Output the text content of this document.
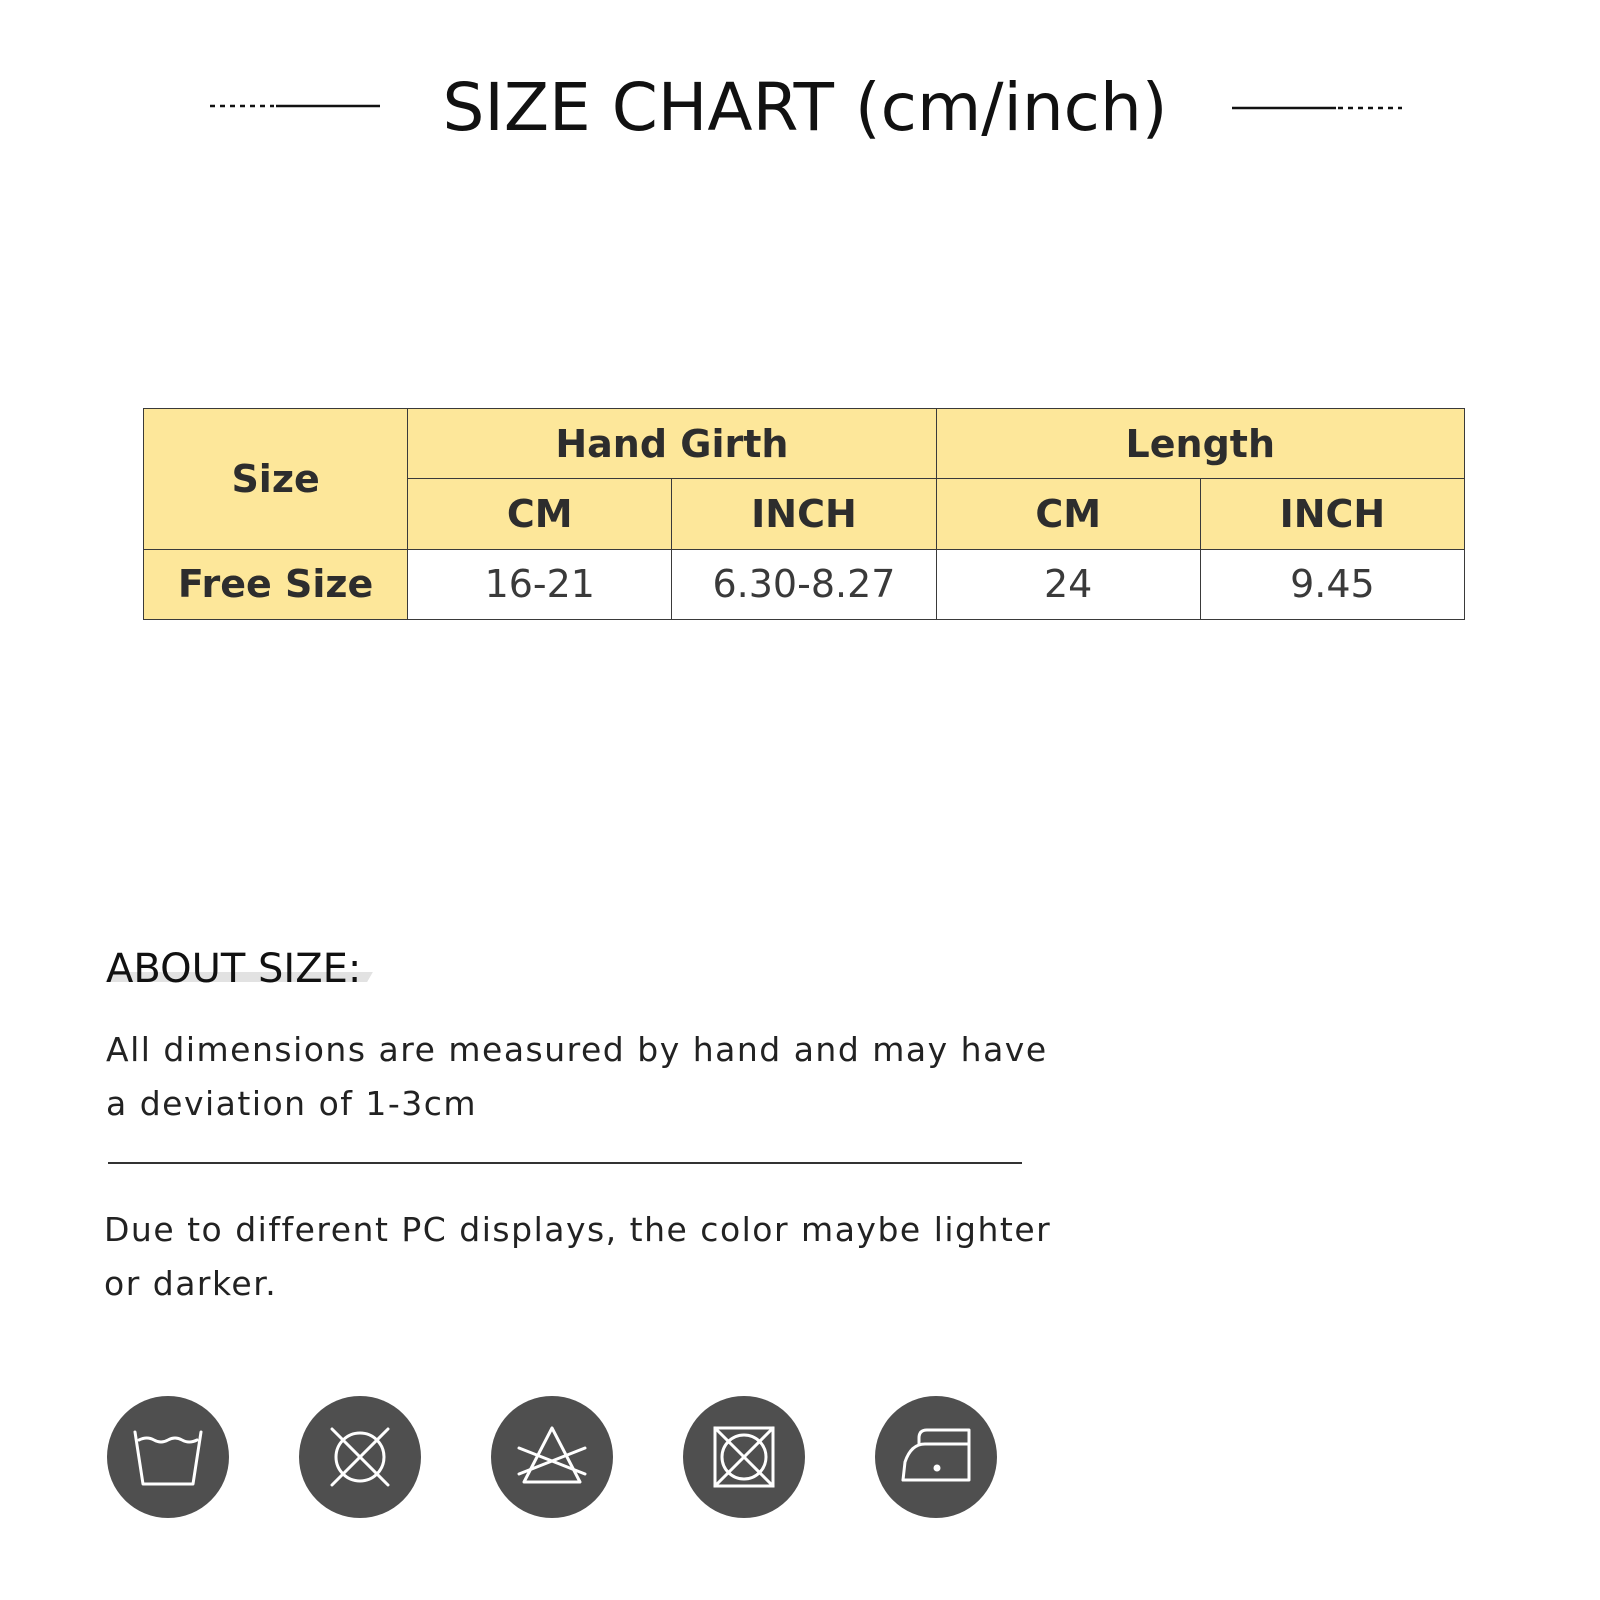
SIZE CHART (cm/inch)
Size	Hand Girth		Length	
	CM	INCH	CM	INCH
Free Size	16-21	6.30-8.27	24	9.45
ABOUT SIZE:
All dimensions are measured by hand and may have
a deviation of 1-3cm
Due to different PC displays, the color maybe lighter
or darker.
